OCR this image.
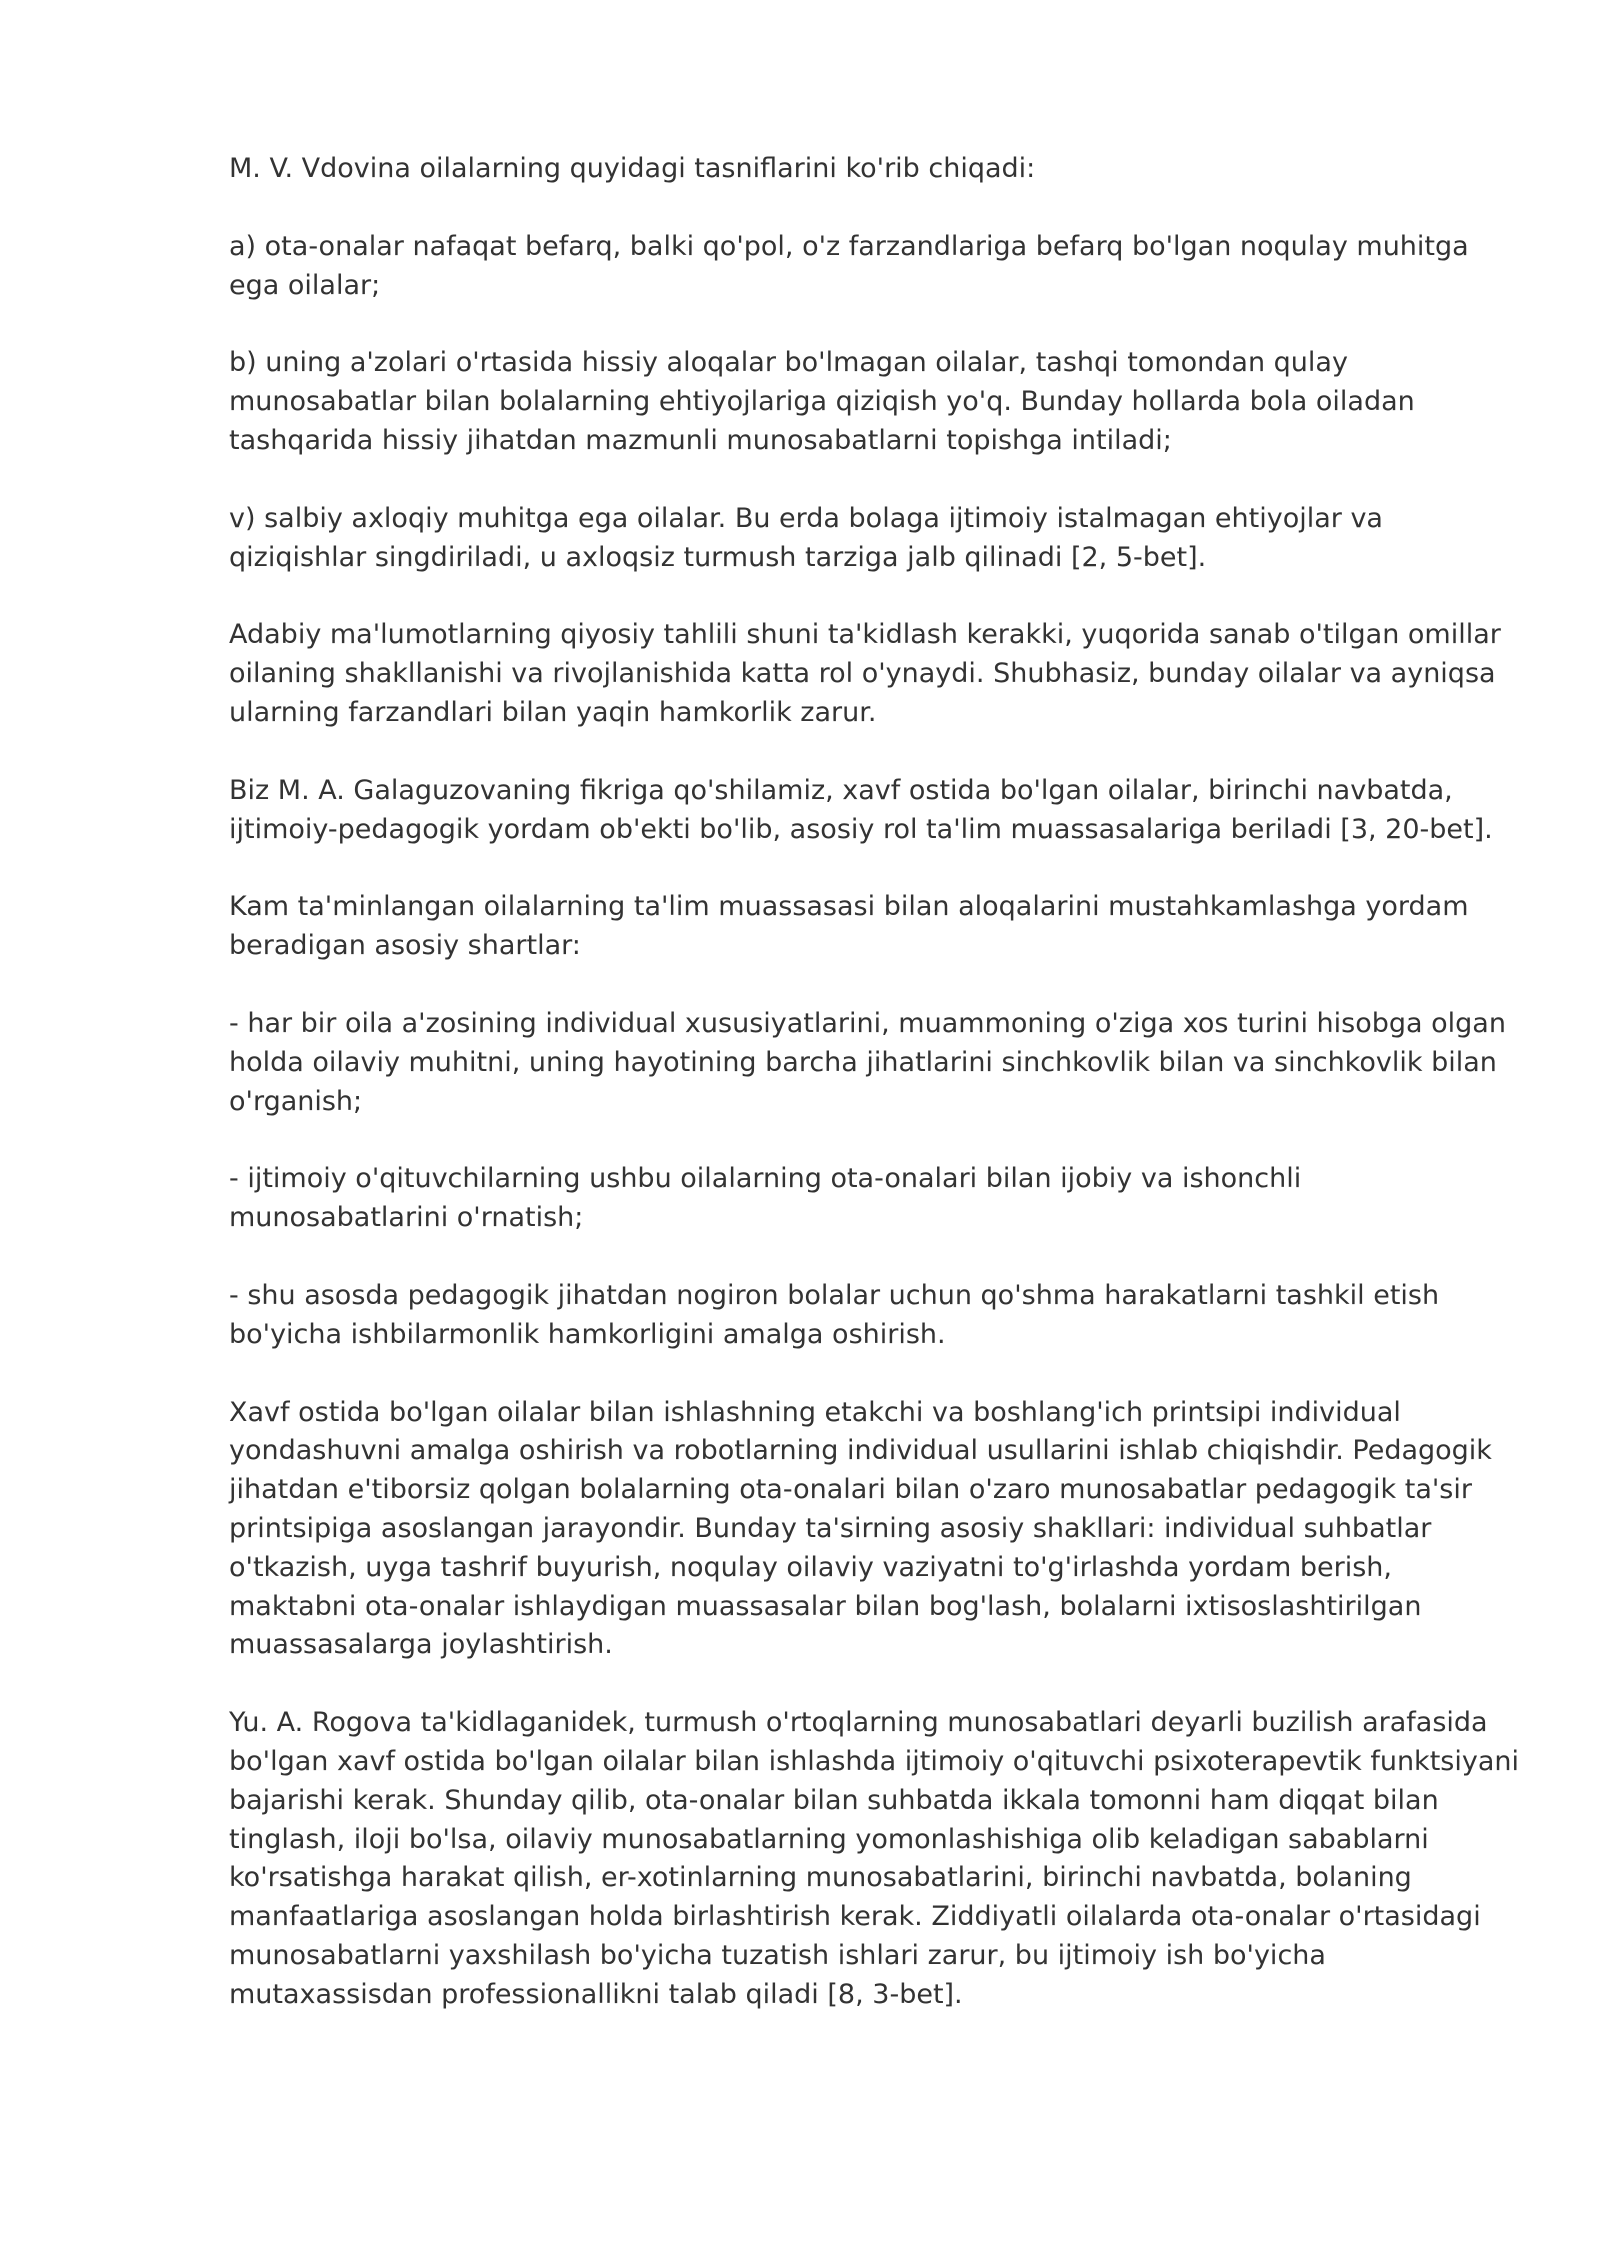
M. V. Vdovina oilalarning quyidagi tasniflarini ko'rib chiqadi:

a) ota-onalar nafaqat befarq, balki qo'pol, o'z farzandlariga befarq bo'lgan noqulay muhitga ega oilalar;

b) uning a'zolari o'rtasida hissiy aloqalar bo'lmagan oilalar, tashqi tomondan qulay munosabatlar bilan bolalarning ehtiyojlariga qiziqish yo'q. Bunday hollarda bola oiladan tashqarida hissiy jihatdan mazmunli munosabatlarni topishga intiladi;

v) salbiy axloqiy muhitga ega oilalar. Bu erda bolaga ijtimoiy istalmagan ehtiyojlar va qiziqishlar singdiriladi, u axloqsiz turmush tarziga jalb qilinadi [2, 5-bet].

Adabiy ma'lumotlarning qiyosiy tahlili shuni ta'kidlash kerakki, yuqorida sanab o'tilgan omillar oilaning shakllanishi va rivojlanishida katta rol o'ynaydi. Shubhasiz, bunday oilalar va ayniqsa ularning farzandlari bilan yaqin hamkorlik zarur.

Biz M. A. Galaguzovaning fikriga qo'shilamiz, xavf ostida bo'lgan oilalar, birinchi navbatda, ijtimoiy-pedagogik yordam ob'ekti bo'lib, asosiy rol ta'lim muassasalariga beriladi [3, 20-bet].

Kam ta'minlangan oilalarning ta'lim muassasasi bilan aloqalarini mustahkamlashga yordam beradigan asosiy shartlar:

- har bir oila a'zosining individual xususiyatlarini, muammoning o'ziga xos turini hisobga olgan holda oilaviy muhitni, uning hayotining barcha jihatlarini sinchkovlik bilan va sinchkovlik bilan o'rganish;

- ijtimoiy o'qituvchilarning ushbu oilalarning ota-onalari bilan ijobiy va ishonchli munosabatlarini o'rnatish;

- shu asosda pedagogik jihatdan nogiron bolalar uchun qo'shma harakatlarni tashkil etish bo'yicha ishbilarmonlik hamkorligini amalga oshirish.

Xavf ostida bo'lgan oilalar bilan ishlashning etakchi va boshlang'ich printsipi individual yondashuvni amalga oshirish va robotlarning individual usullarini ishlab chiqishdir. Pedagogik jihatdan e'tiborsiz qolgan bolalarning ota-onalari bilan o'zaro munosabatlar pedagogik ta'sir printsipiga asoslangan jarayondir. Bunday ta'sirning asosiy shakllari: individual suhbatlar o'tkazish, uyga tashrif buyurish, noqulay oilaviy vaziyatni to'g'irlashda yordam berish, maktabni ota-onalar ishlaydigan muassasalar bilan bog'lash, bolalarni ixtisoslashtirilgan muassasalarga joylashtirish.

Yu. A. Rogova ta'kidlaganidek, turmush o'rtoqlarning munosabatlari deyarli buzilish arafasida bo'lgan xavf ostida bo'lgan oilalar bilan ishlashda ijtimoiy o'qituvchi psixoterapevtik funktsiyani bajarishi kerak. Shunday qilib, ota-onalar bilan suhbatda ikkala tomonni ham diqqat bilan tinglash, iloji bo'lsa, oilaviy munosabatlarning yomonlashishiga olib keladigan sabablarni ko'rsatishga harakat qilish, er-xotinlarning munosabatlarini, birinchi navbatda, bolaning manfaatlariga asoslangan holda birlashtirish kerak. Ziddiyatli oilalarda ota-onalar o'rtasidagi munosabatlarni yaxshilash bo'yicha tuzatish ishlari zarur, bu ijtimoiy ish bo'yicha mutaxassisdan professionallikni talab qiladi [8, 3-bet].
